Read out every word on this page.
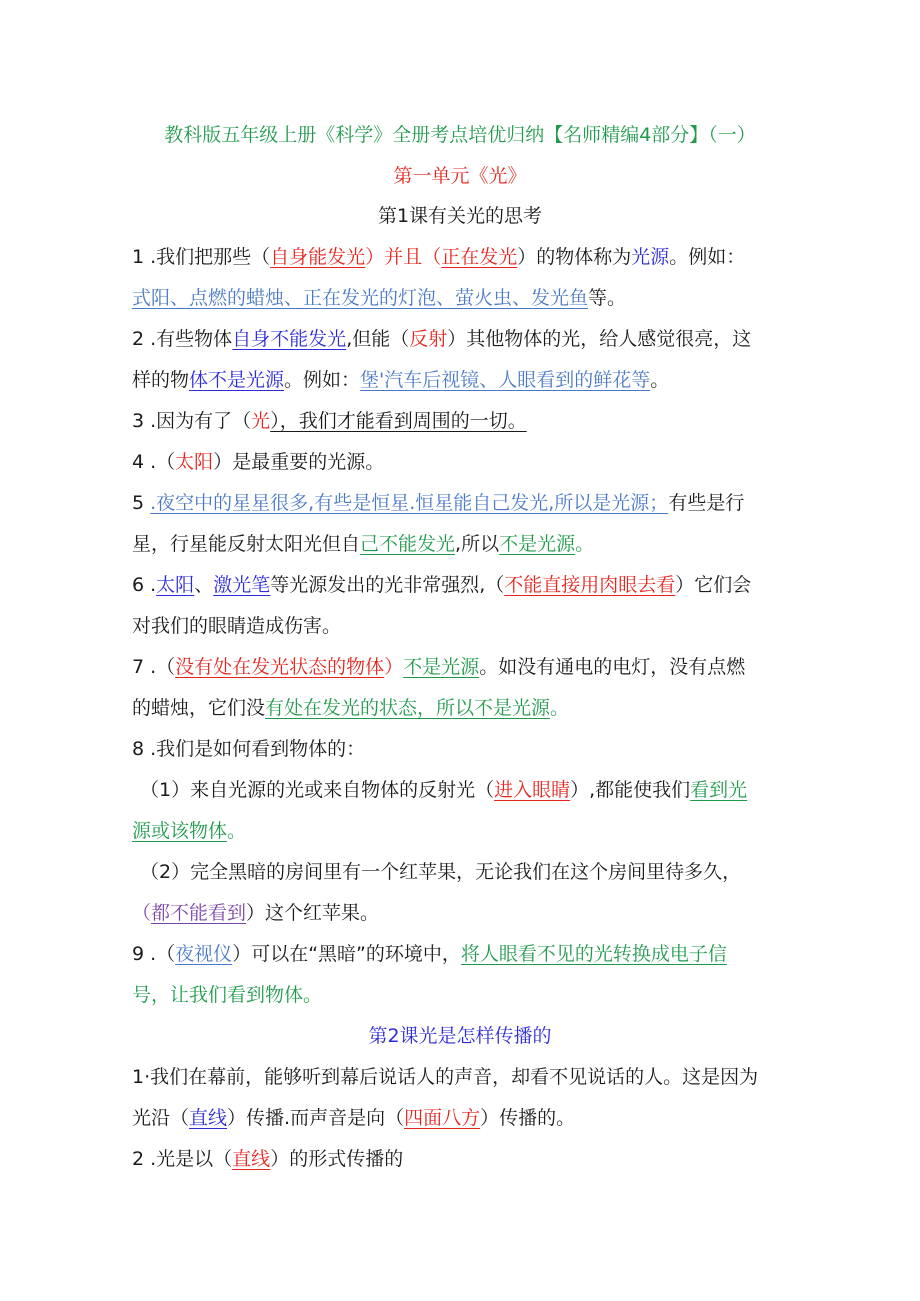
教科版五年级上册《科学》全册考点培优归纳【名师精编4部分】（一）
第一单元《光》
第1课有关光的思考
1 .我们把那些（自身能发光）并且（正在发光）的物体称为光源。例如：
式阳、点燃的蜡烛、正在发光的灯泡、萤火虫、发光鱼等。
2 .有些物体自身不能发光,但能（反射）其他物体的光，给人感觉很亮，这
样的物体不是光源。例如：堡'汽车后视镜、人眼看到的鲜花等。
3 .因为有了（光），我们才能看到周围的一切。
4 .（太阳）是最重要的光源。
5 .夜空中的星星很多,有些是恒星.恒星能自己发光,所以是光源；有些是行
星，行星能反射太阳光但自己不能发光,所以不是光源。
6 .太阳、激光笔等光源发出的光非常强烈,（不能直接用肉眼去看）它们会
对我们的眼睛造成伤害。
7 .（没有处在发光状态的物体）不是光源。如没有通电的电灯，没有点燃
的蜡烛，它们没有处在发光的状态，所以不是光源。
8 .我们是如何看到物体的：
（1）来自光源的光或来自物体的反射光（进入眼睛）,都能使我们看到光
源或该物体。
（2）完全黑暗的房间里有一个红苹果，无论我们在这个房间里待多久，
（都不能看到）这个红苹果。
9 .（夜视仪）可以在“黑暗”的环境中，将人眼看不见的光转换成电子信
号，让我们看到物体。
第2课光是怎样传播的
1·我们在幕前，能够听到幕后说话人的声音，却看不见说话的人。这是因为
光沿（直线）传播.而声音是向（四面八方）传播的。
2 .光是以（直线）的形式传播的
